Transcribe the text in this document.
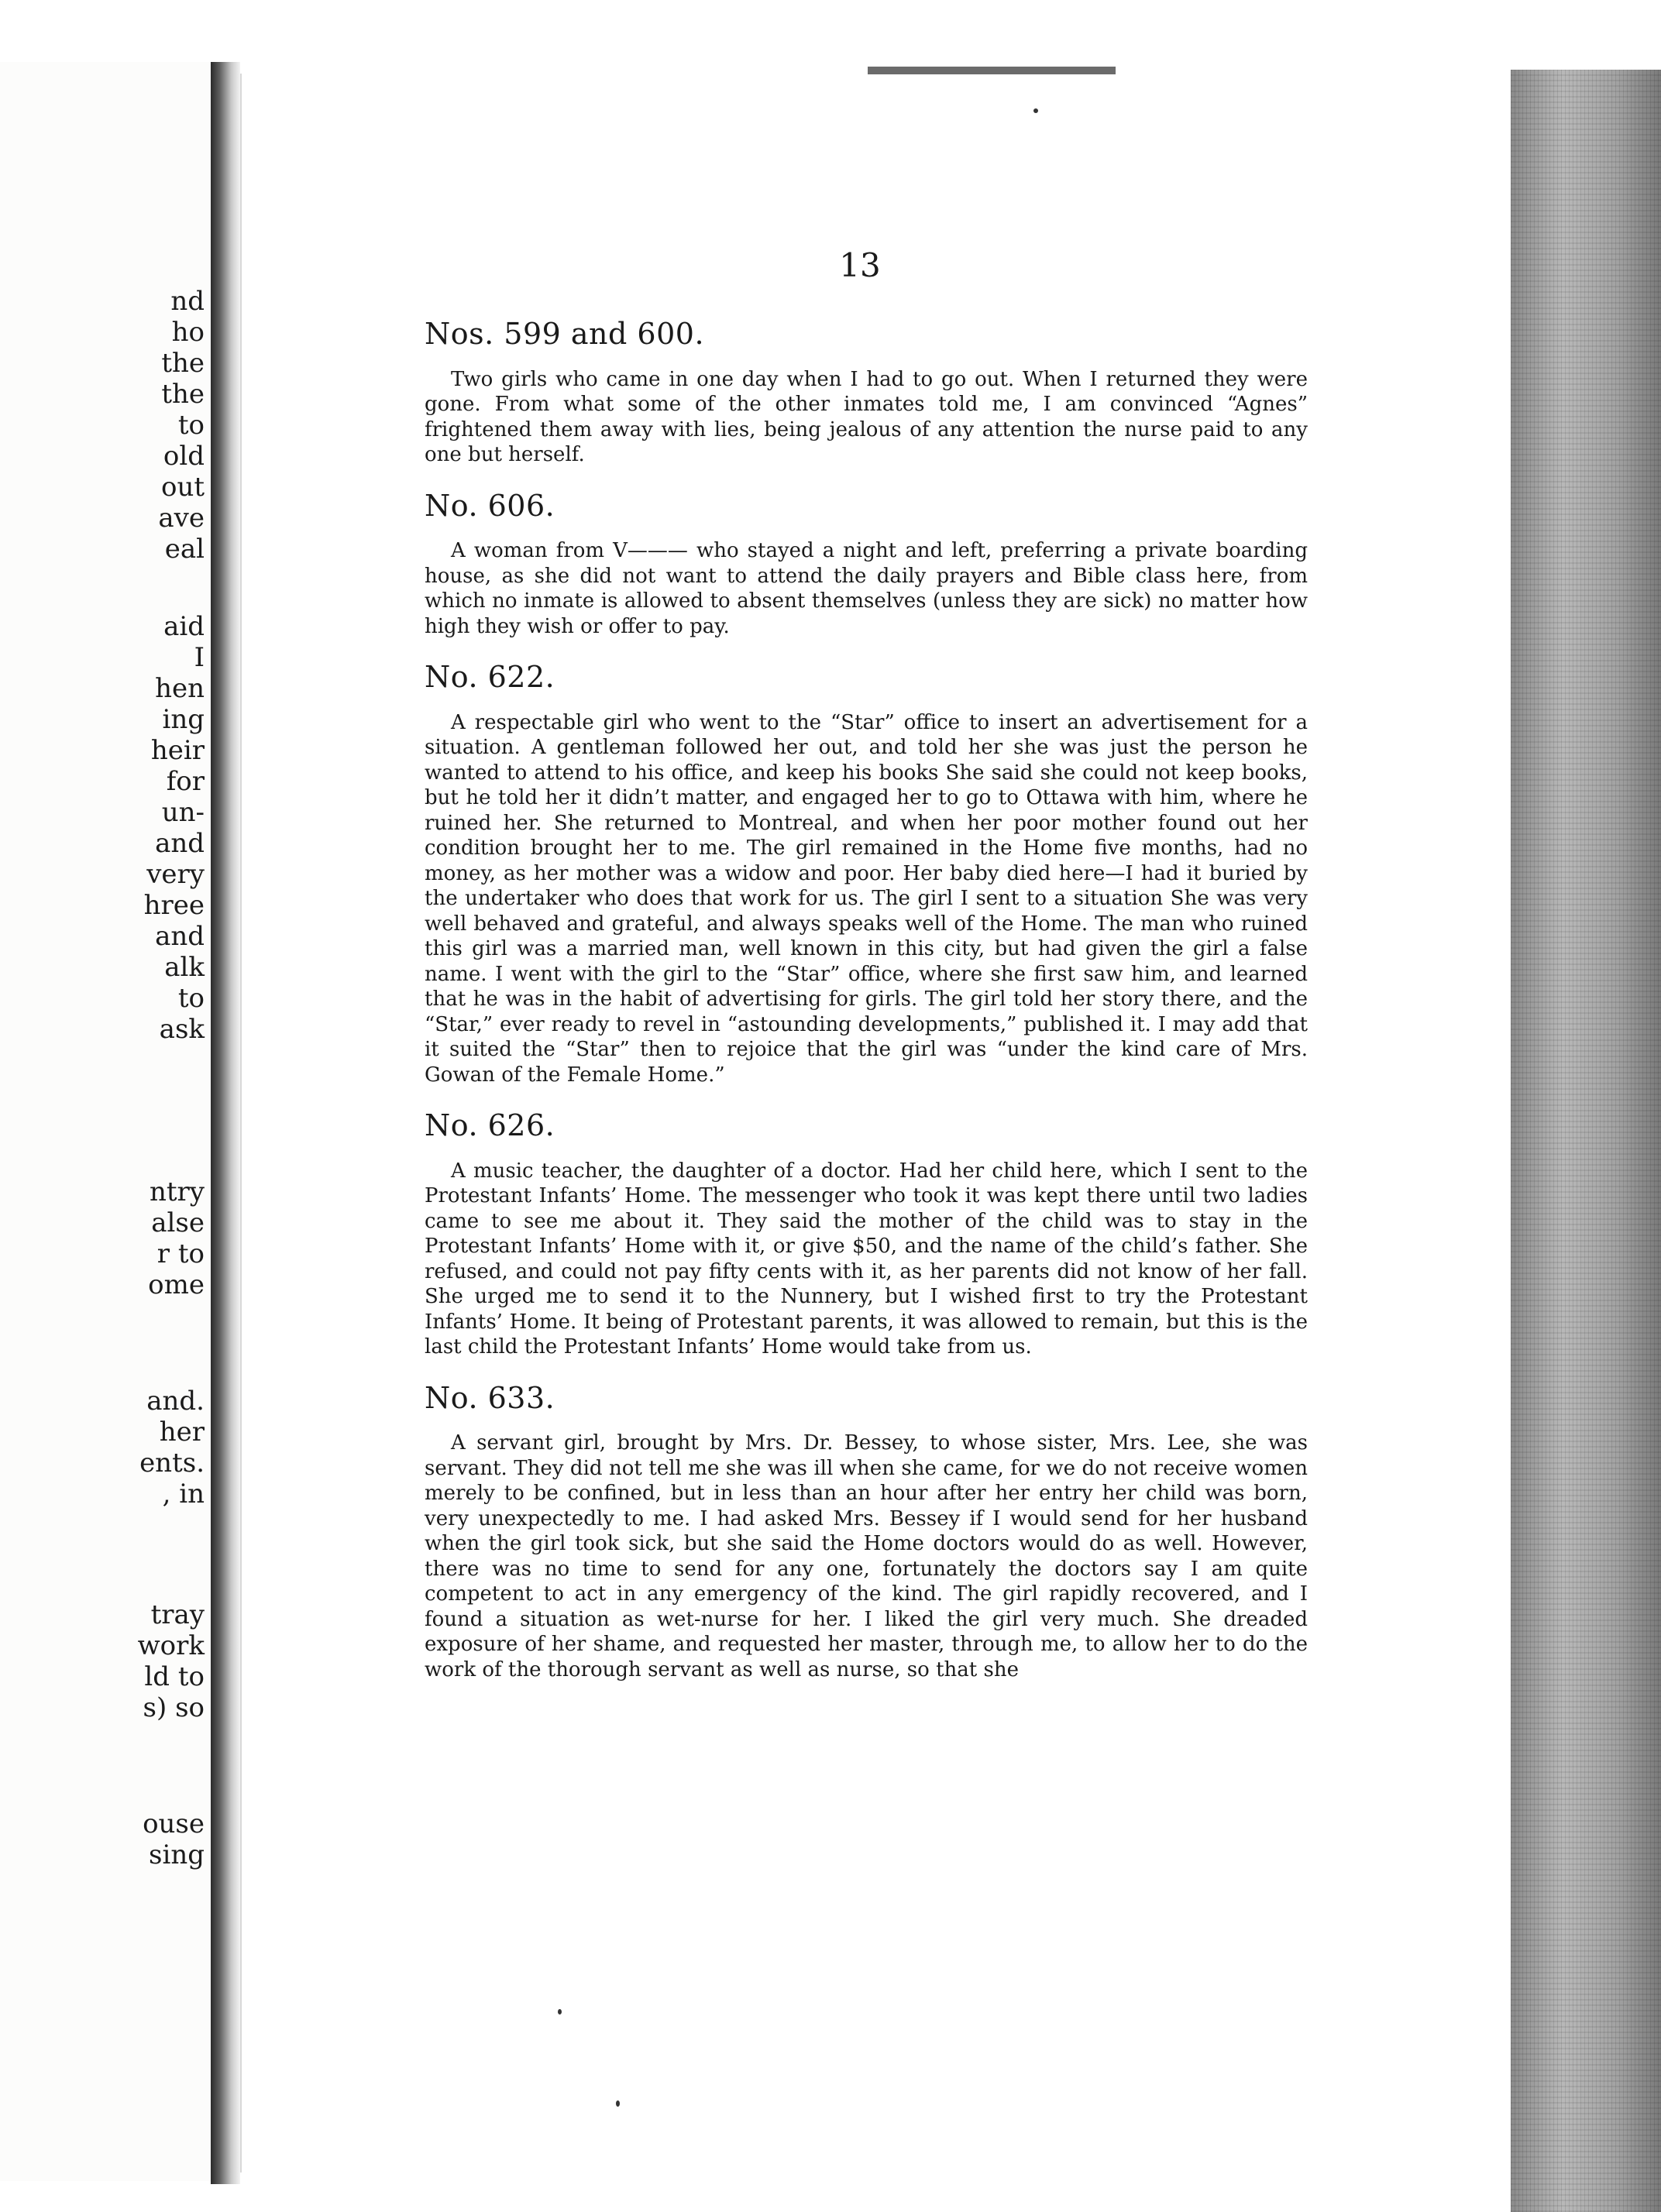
nd
ho
the
the
to
old
out
ave
eal
aid
I
hen
ing
heir
for
un-
and
very
hree
and
alk
to
ask
ntry
alse
r to
ome
and.
her
ents.
, in
tray
work
ld to
s) so
ouse
sing
13
Nos. 599 and 600.

Two girls who came in one day when I had to go out. When I returned they were gone. From what some of the other inmates told me, I am convinced “Agnes” frightened them away with lies, being jealous of any attention the nurse paid to any one but herself.

No. 606.

A woman from V——— who stayed a night and left, preferring a private boarding house, as she did not want to attend the daily prayers and Bible class here, from which no inmate is allowed to absent themselves (unless they are sick) no matter how high they wish or offer to pay.

No. 622.

A respectable girl who went to the “Star” office to insert an advertisement for a situation. A gentleman followed her out, and told her she was just the person he wanted to attend to his office, and keep his books She said she could not keep books, but he told her it didn’t matter, and engaged her to go to Ottawa with him, where he ruined her. She returned to Montreal, and when her poor mother found out her condition brought her to me. The girl remained in the Home five months, had no money, as her mother was a widow and poor. Her baby died here—I had it buried by the undertaker who does that work for us. The girl I sent to a situation She was very well behaved and grateful, and always speaks well of the Home. The man who ruined this girl was a married man, well known in this city, but had given the girl a false name. I went with the girl to the “Star” office, where she first saw him, and learned that he was in the habit of advertising for girls. The girl told her story there, and the “Star,” ever ready to revel in “astounding developments,” published it. I may add that it suited the “Star” then to rejoice that the girl was “under the kind care of Mrs. Gowan of the Female Home.”

No. 626.

A music teacher, the daughter of a doctor. Had her child here, which I sent to the Protestant Infants’ Home. The messenger who took it was kept there until two ladies came to see me about it. They said the mother of the child was to stay in the Protestant Infants’ Home with it, or give $50, and the name of the child’s father. She refused, and could not pay fifty cents with it, as her parents did not know of her fall. She urged me to send it to the Nunnery, but I wished first to try the Protestant Infants’ Home. It being of Protestant parents, it was allowed to remain, but this is the last child the Protestant Infants’ Home would take from us.

No. 633.

A servant girl, brought by Mrs. Dr. Bessey, to whose sister, Mrs. Lee, she was servant. They did not tell me she was ill when she came, for we do not receive women merely to be confined, but in less than an hour after her entry her child was born, very unexpectedly to me. I had asked Mrs. Bessey if I would send for her husband when the girl took sick, but she said the Home doctors would do as well. However, there was no time to send for any one, fortunately the doctors say I am quite competent to act in any emergency of the kind. The girl rapidly recovered, and I found a situation as wet-nurse for her. I liked the girl very much. She dreaded exposure of her shame, and requested her master, through me, to allow her to do the work of the thorough servant as well as nurse, so that she
